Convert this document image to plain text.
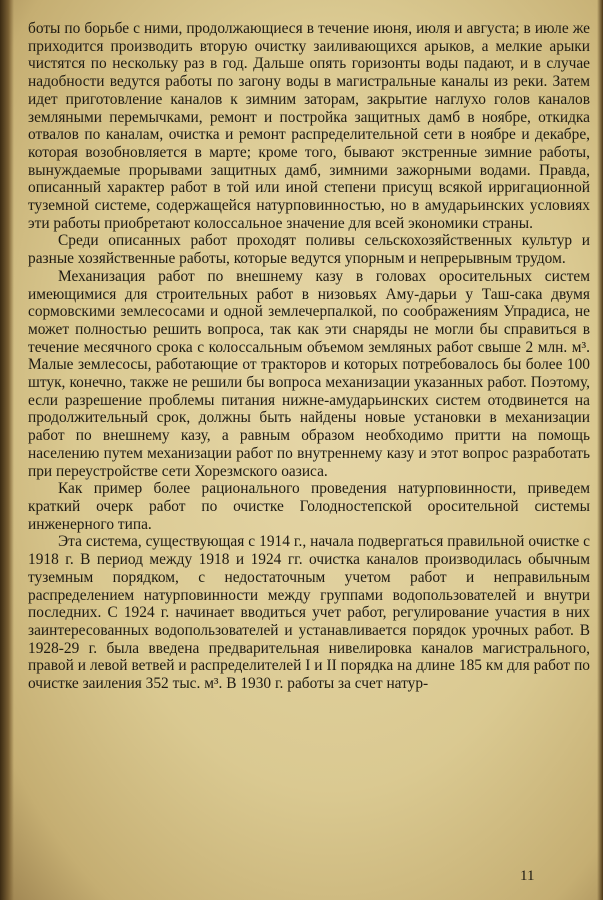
боты по борьбе с ними, продолжающиеся в течение июня, июля и августа; в июле же приходится производить вторую очистку заиливающихся арыков, а мелкие арыки чистятся по нескольку раз в год. Дальше опять горизонты воды падают, и в случае надобности ведутся работы по загону воды в магистральные каналы из реки. Затем идет приготовление каналов к зимним заторам, закрытие наглухо голов каналов земляными перемычками, ремонт и постройка защитных дамб в ноябре, откидка отвалов по каналам, очистка и ремонт распределительной сети в ноябре и декабре, которая возобновляется в марте; кроме того, бывают экстренные зимние работы, вынуждаемые прорывами защитных дамб, зимними зажорными водами. Правда, описанный характер работ в той или иной степени присущ всякой ирригационной туземной системе, содержащейся натурповинностью, но в амударьинских условиях эти работы приобретают колоссальное значение для всей экономики страны.

Среди описанных работ проходят поливы сельскохозяйственных культур и разные хозяйственные работы, которые ведутся упорным и непрерывным трудом.

Механизация работ по внешнему казу в головах оросительных систем имеющимися для строительных работ в низовьях Аму-дарьи у Таш-сака двумя сормовскими землесосами и одной землечерпалкой, по соображениям Упрадиса, не может полностью решить вопроса, так как эти снаряды не могли бы справиться в течение месячного срока с колоссальным объемом земляных работ свыше 2 млн. м³. Малые землесосы, работающие от тракторов и которых потребовалось бы более 100 штук, конечно, также не решили бы вопроса механизации указанных работ. Поэтому, если разрешение проблемы питания нижне-амударьинских систем отодвинется на продолжительный срок, должны быть найдены новые установки в механизации работ по внешнему казу, а равным образом необходимо притти на помощь населению путем механизации работ по внутреннему казу и этот вопрос разработать при переустройстве сети Хорезмского оазиса.

Как пример более рационального проведения натурповинности, приведем краткий очерк работ по очистке Голодностепской оросительной системы инженерного типа.

Эта система, существующая с 1914 г., начала подвергаться правильной очистке с 1918 г. В период между 1918 и 1924 гг. очистка каналов производилась обычным туземным порядком, с недостаточным учетом работ и неправильным распределением натурповинности между группами водопользователей и внутри последних. С 1924 г. начинает вводиться учет работ, регулирование участия в них заинтересованных водопользователей и устанавливается порядок урочных работ. В 1928-29 г. была введена предварительная нивелировка каналов магистрального, правой и левой ветвей и распределителей I и II порядка на длине 185 км для работ по очистке заиления 352 тыс. м³. В 1930 г. работы за счет натур-

11
